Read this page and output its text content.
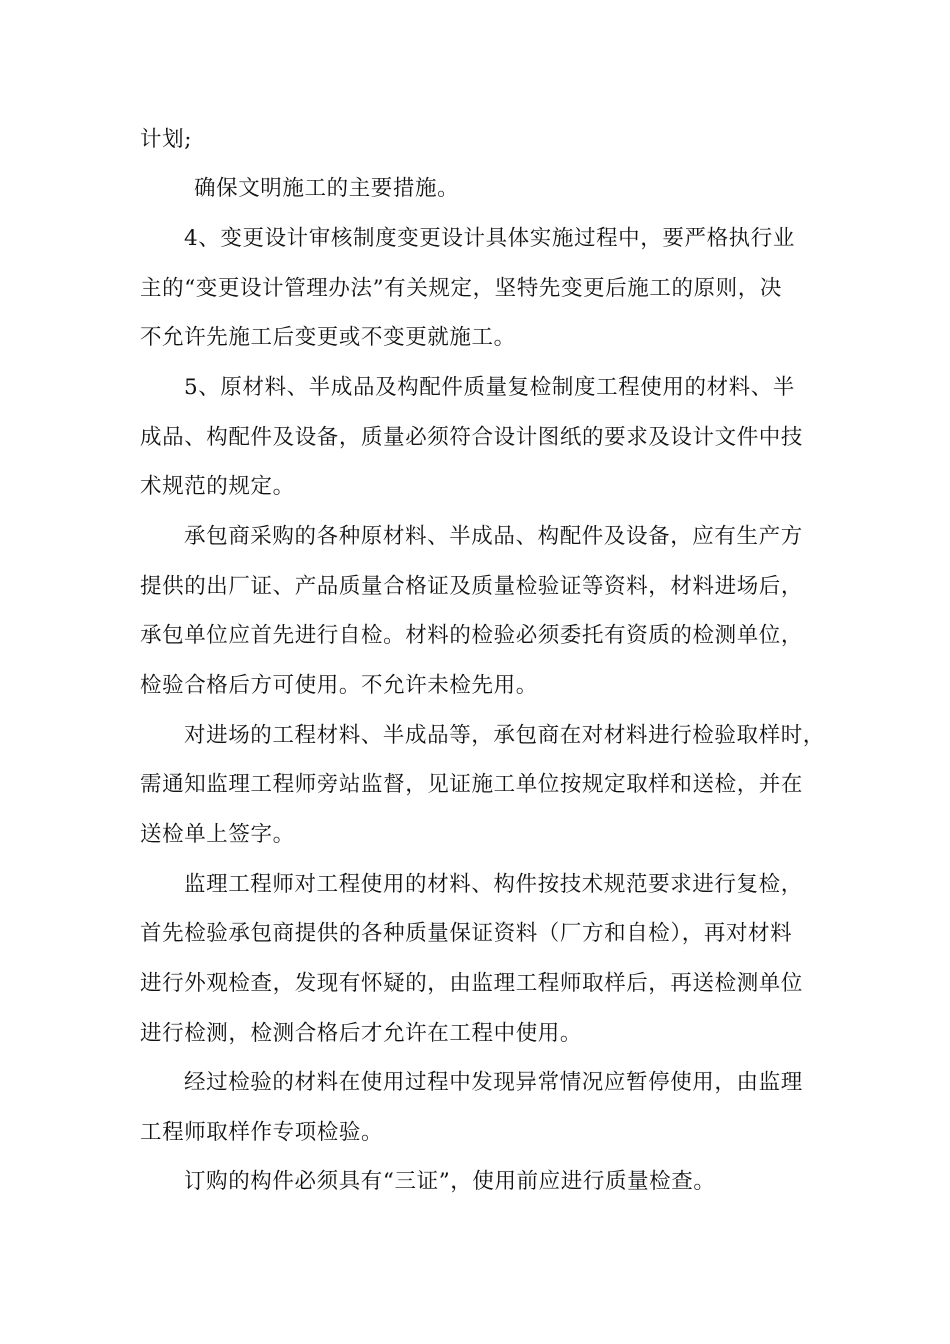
计划;
确保文明施工的主要措施。
4、变更设计审核制度变更设计具体实施过程中，要严格执行业
主的“变更设计管理办法”有关规定，坚特先变更后施工的原则，决
不允许先施工后变更或不变更就施工。
5、原材料、半成品及构配件质量复检制度工程使用的材料、半
成品、构配件及设备，质量必须符合设计图纸的要求及设计文件中技
术规范的规定。
承包商采购的各种原材料、半成品、构配件及设备，应有生产方
提供的出厂证、产品质量合格证及质量检验证等资料，材料进场后，
承包单位应首先进行自检。材料的检验必须委托有资质的检测单位，
检验合格后方可使用。不允许未检先用。
对进场的工程材料、半成品等，承包商在对材料进行检验取样时，
需通知监理工程师旁站监督，见证施工单位按规定取样和送检，并在
送检单上签字。
监理工程师对工程使用的材料、构件按技术规范要求进行复检，
首先检验承包商提供的各种质量保证资料（厂方和自检），再对材料
进行外观检查，发现有怀疑的，由监理工程师取样后，再送检测单位
进行检测，检测合格后才允许在工程中使用。
经过检验的材料在使用过程中发现异常情况应暂停使用，由监理
工程师取样作专项检验。
订购的构件必须具有“三证”，使用前应进行质量检查。
